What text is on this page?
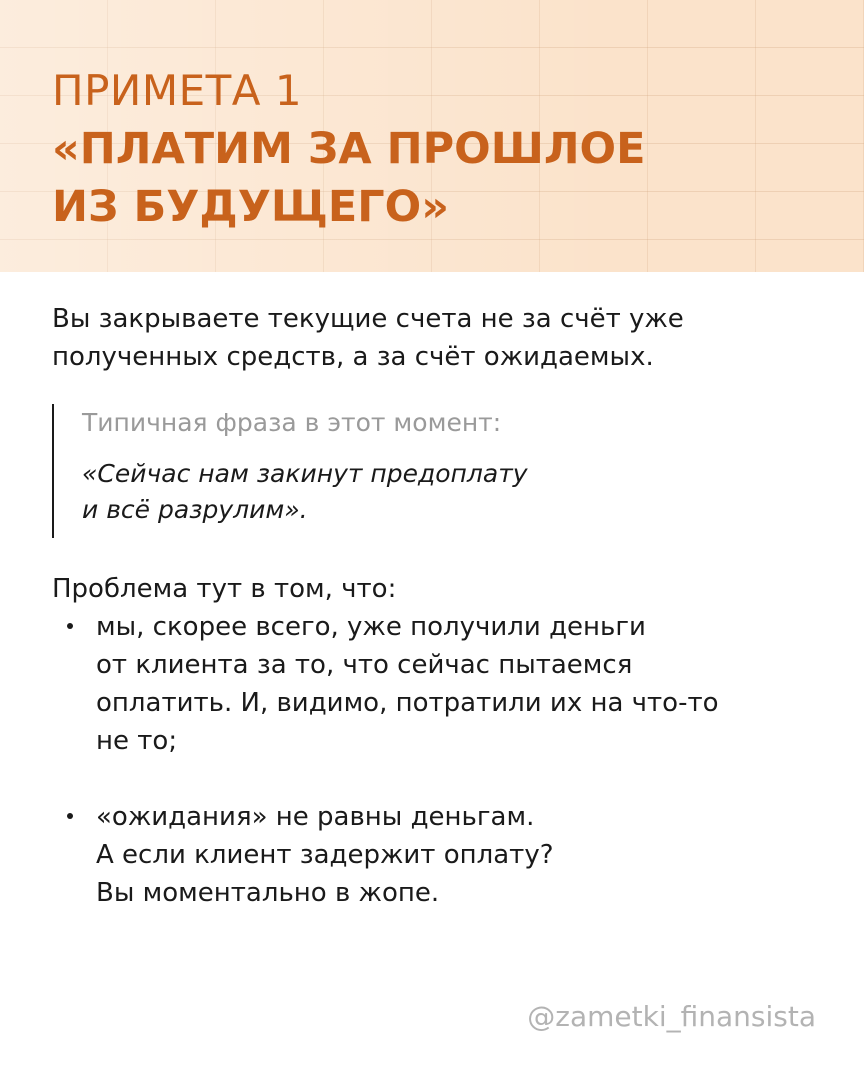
ПРИМЕТА 1
«ПЛАТИМ ЗА ПРОШЛОЕ
ИЗ БУДУЩЕГО»

Вы закрываете текущие счета не за счёт уже
полученных средств, а за счёт ожидаемых.

Типичная фраза в этот момент:

«Сейчас нам закинут предоплату
и всё разрулим».

Проблема тут в том, что:
мы, скорее всего, уже получили деньги
от клиента за то, что сейчас пытаемся
оплатить. И, видимо, потратили их на что-то
не то;
«ожидания» не равны деньгам.
А если клиент задержит оплату?
Вы моментально в жопе.
@zametki_finansista
